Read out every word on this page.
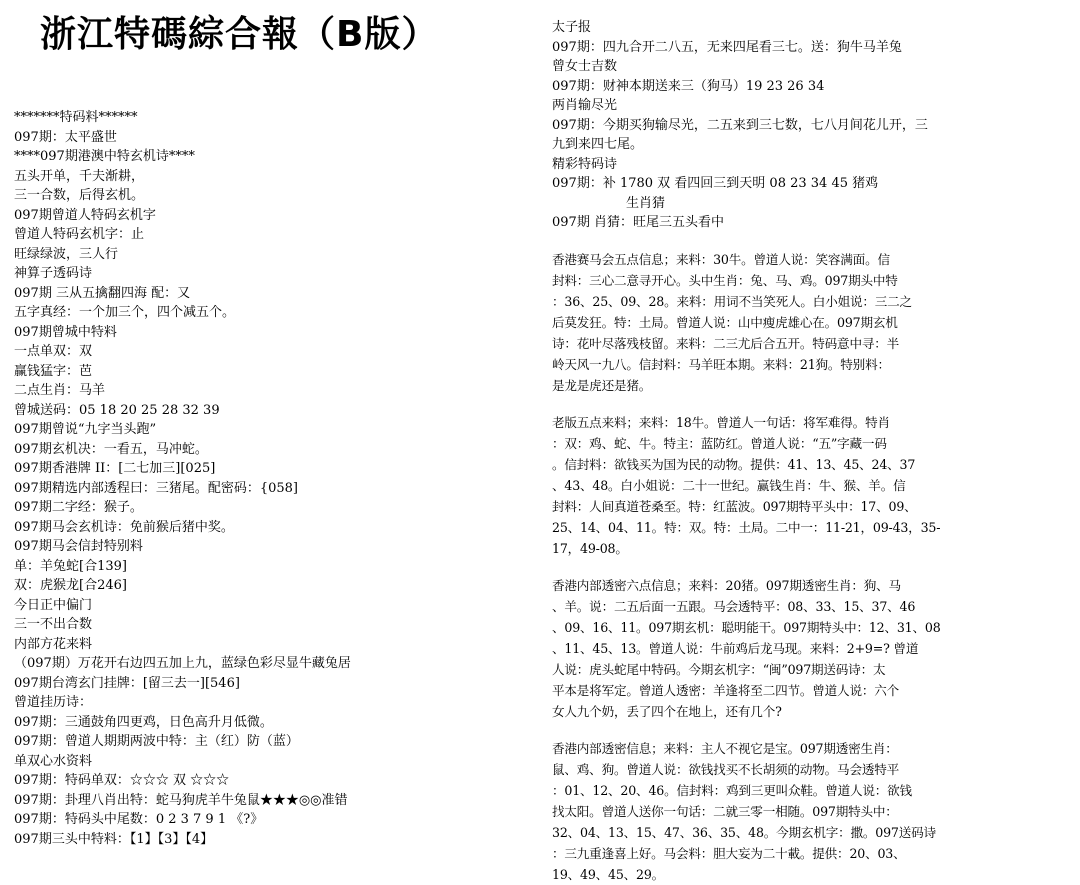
浙江特碼綜合報（B版）
*******特码料******
097期：太平盛世
****097期港澳中特玄机诗****
五头开单，千夫渐耕，
三一合数，后得玄机。
097期曾道人特码玄机字
曾道人特码玄机字：止
旺绿绿波，三人行
神算子透码诗
097期 三从五擒翻四海 配：又
五字真经：一个加三个，四个减五个。
097期曾城中特料
一点单双：双
赢钱猛字：芭
二点生肖：马羊
曾城送码：05 18 20 25 28 32 39
097期曾说“九字当头跑”
097期玄机决：一看五，马冲蛇。
097期香港牌 II：[二七加三][025]
097期精选内部透程曰：三猪尾。配密码：{058]
097期二字经：猴子。
097期马会玄机诗：免前猴后猪中奖。
097期马会信封特别料
单：羊兔蛇[合139]
双：虎猴龙[合246]
今日正中偏门
三一不出合数
内部方花来料
（097期）万花开右边四五加上九，蓝绿色彩尽显牛藏兔居
097期台湾玄门挂牌：[留三去一][546]
曾道挂历诗：
097期：三通鼓角四更鸡，日色高升月低微。
097期：曾道人期期两波中特：主（红）防（蓝）
单双心水资料
097期：特码单双：☆☆☆ 双 ☆☆☆
097期：卦理八肖出特：蛇马狗虎羊牛兔鼠★★★◎◎准错
097期：特码头中尾数：0 2 3 7 9 1 《?》
097期三头中特料：【1】【3】【4】
太子报
097期：四九合开二八五，无来四尾看三七。送：狗牛马羊兔
曾女士吉数
097期：财神本期送来三（狗马）19 23 26 34
两肖输尽光
097期：今期买狗输尽光，二五来到三七数，七八月间花儿开，三
九到来四七尾。
精彩特码诗
097期：补 1780 双 看四回三到天明 08 23 34 45 猪鸡
生肖猜
097期 肖猜：旺尾三五头看中
香港赛马会五点信息；来料：30牛。曾道人说：笑容满面。信
封料：三心二意寻开心。头中生肖：兔、马、鸡。097期头中特
：36、25、09、28。来料：用词不当笑死人。白小姐说：三二之
后莫发狂。特：土局。曾道人说：山中瘦虎雄心在。097期玄机
诗：花叶尽落残枝留。来料：二三尤后合五开。特码意中寻：半
岭天风一九八。信封料：马羊旺本期。来料：21狗。特别料：
是龙是虎还是猪。
老版五点来料；来料：18牛。曾道人一句话：将军难得。特肖
：双：鸡、蛇、牛。特主：蓝防红。曾道人说：“五”字藏一码
。信封料：欲钱买为国为民的动物。提供：41、13、45、24、37
、43、48。白小姐说：二十一世纪。赢钱生肖：牛、猴、羊。信
封料：人间真道苍桑至。特：红蓝波。097期特平头中：17、09、
25、14、04、11。特：双。特：土局。二中一：11-21，09-43，35-
17，49-08。
香港内部透密六点信息；来料：20猪。097期透密生肖：狗、马
、羊。说：二五后面一五跟。马会透特平：08、33、15、37、46
、09、16、11。097期玄机：聪明能干。097期特头中：12、31、08
、11、45、13。曾道人说：牛前鸡后龙马现。来料：2+9=? 曾道
人说：虎头蛇尾中特码。今期玄机字：“闽”097期送码诗：太
平本是将军定。曾道人透密：羊逢将至二四节。曾道人说：六个
女人九个奶，丢了四个在地上，还有几个?
香港内部透密信息；来料：主人不视它是宝。097期透密生肖：
鼠、鸡、狗。曾道人说：欲钱找买不长胡须的动物。马会透特平
：01、12、20、46。信封料：鸡到三更叫众鞋。曾道人说：欲钱
找太阳。曾道人送你一句话：二就三零一相随。097期特头中：
32、04、13、15、47、36、35、48。今期玄机字：撒。097送码诗
：三九重逢喜上好。马会料：胆大妄为二十載。提供：20、03、
19、49、45、29。
